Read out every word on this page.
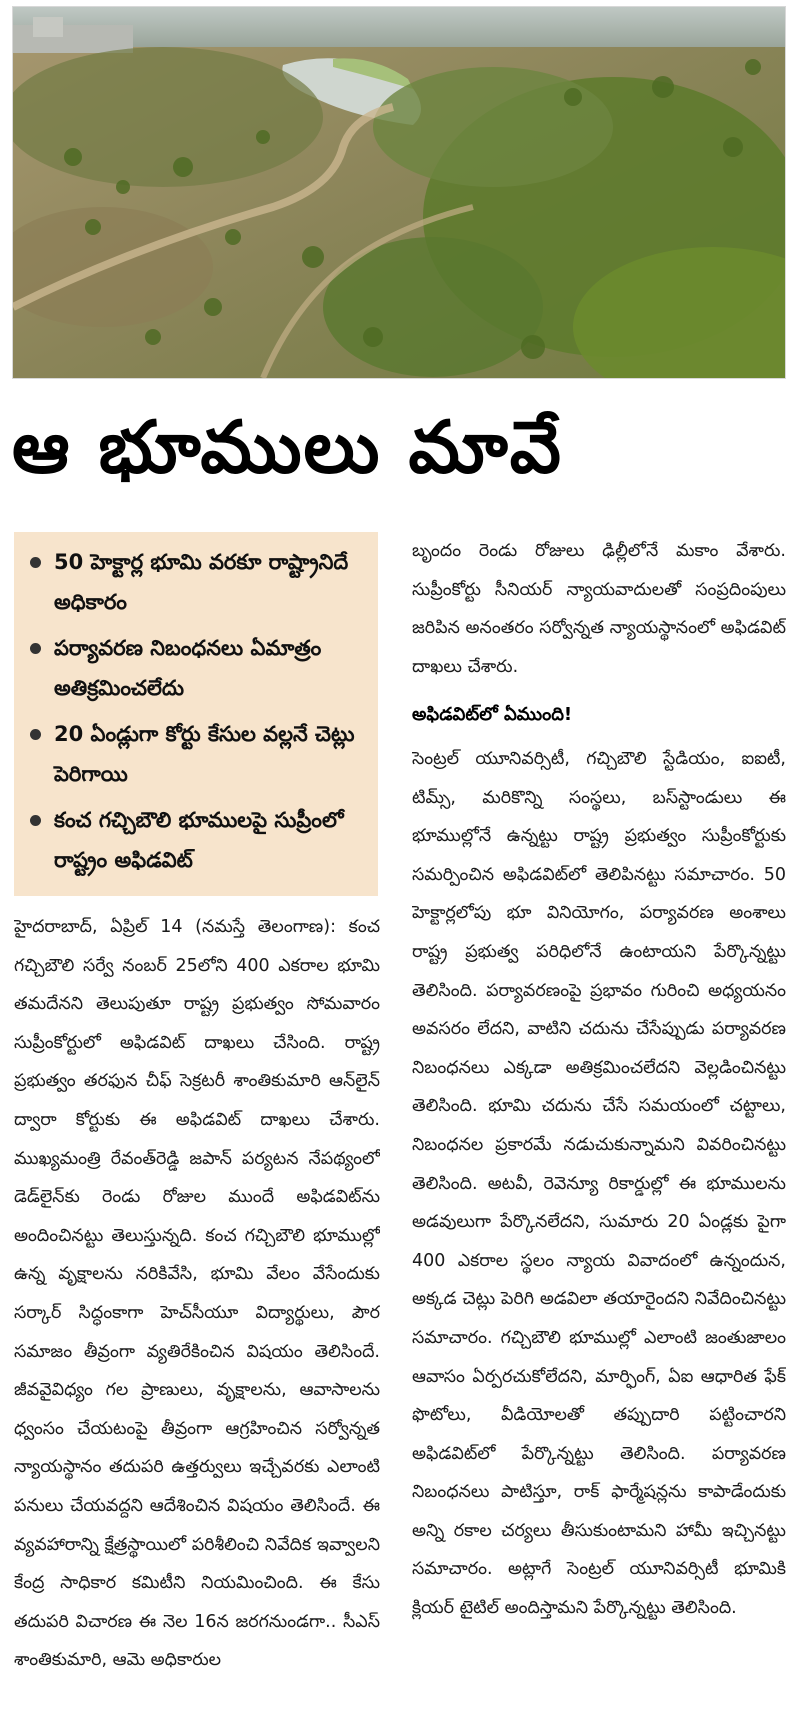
ఆ భూములు మావే
50 హెక్టార్ల భూమి వరకూ రాష్ట్రానిదే అధికారం
పర్యావరణ నిబంధనలు ఏమాత్రం అతిక్రమించలేదు
20 ఏండ్లుగా కోర్టు కేసుల వల్లనే చెట్లు పెరిగాయి
కంచ గచ్చిబౌలి భూములపై సుప్రీంలో రాష్ట్రం అఫిడవిట్

హైదరాబాద్, ఏప్రిల్ 14 (నమస్తే తెలంగాణ): కంచ గచ్చిబౌలి సర్వే నంబర్ 25లోని 400 ఎకరాల భూమి తమదేనని తెలుపుతూ రాష్ట్ర ప్రభుత్వం సోమవారం సుప్రీంకోర్టులో అఫిడవిట్ దాఖలు చేసింది. రాష్ట్ర ప్రభుత్వం తరఫున చీఫ్ సెక్రటరీ శాంతికుమారి ఆన్‌లైన్ ద్వారా కోర్టుకు ఈ అఫిడవిట్ దాఖలు చేశారు. ముఖ్యమంత్రి రేవంత్‌రెడ్డి జపాన్ పర్యటన నేపథ్యంలో డెడ్‌లైన్‌కు రెండు రోజుల ముందే అఫిడవిట్‌ను అందించినట్టు తెలుస్తున్నది. కంచ గచ్చిబౌలి భూముల్లో ఉన్న వృక్షాలను నరికివేసి, భూమి వేలం వేసేందుకు సర్కార్ సిద్ధంకాగా హెచ్‌సీయూ విద్యార్థులు, పౌర సమాజం తీవ్రంగా వ్యతిరేకించిన విషయం తెలిసిందే. జీవవైవిధ్యం గల ప్రాణులు, వృక్షాలను, ఆవాసాలను ధ్వంసం చేయటంపై తీవ్రంగా ఆగ్రహించిన సర్వోన్నత న్యాయస్థానం తదుపరి ఉత్తర్వులు ఇచ్చేవరకు ఎలాంటి పనులు చేయవద్దని ఆదేశించిన విషయం తెలిసిందే. ఈ వ్యవహారాన్ని క్షేత్రస్థాయిలో పరిశీలించి నివేదిక ఇవ్వాలని కేంద్ర సాధికార కమిటీని నియమించింది. ఈ కేసు తదుపరి విచారణ ఈ నెల 16న జరగనుండగా.. సీఎస్ శాంతికుమారి, ఆమె అధికారుల

బృందం రెండు రోజులు ఢిల్లీలోనే మకాం వేశారు. సుప్రీంకోర్టు సీనియర్ న్యాయవాదులతో సంప్రదింపులు జరిపిన అనంతరం సర్వోన్నత న్యాయస్థానంలో అఫిడవిట్ దాఖలు చేశారు.

అఫిడవిట్‌లో ఏముంది!

సెంట్రల్ యూనివర్సిటీ, గచ్చిబౌలి స్టేడియం, ఐఐటీ, టిమ్స్, మరికొన్ని సంస్థలు, బస్‌స్టాండులు ఈ భూముల్లోనే ఉన్నట్టు రాష్ట్ర ప్రభుత్వం సుప్రీంకోర్టుకు సమర్పించిన అఫిడవిట్‌లో తెలిపినట్టు సమాచారం. 50 హెక్టార్లలోపు భూ వినియోగం, పర్యావరణ అంశాలు రాష్ట్ర ప్రభుత్వ పరిధిలోనే ఉంటాయని పేర్కొన్నట్టు తెలిసింది. పర్యావరణంపై ప్రభావం గురించి అధ్యయనం అవసరం లేదని, వాటిని చదును చేసేప్పుడు పర్యావరణ నిబంధనలు ఎక్కడా అతిక్రమించలేదని వెల్లడించినట్టు తెలిసింది. భూమి చదును చేసే సమయంలో చట్టాలు, నిబంధనల ప్రకారమే నడుచుకున్నామని వివరించినట్టు తెలిసింది. అటవీ, రెవెన్యూ రికార్డుల్లో ఈ భూములను అడవులుగా పేర్కొనలేదని, సుమారు 20 ఏండ్లకు పైగా 400 ఎకరాల స్థలం న్యాయ వివాదంలో ఉన్నందున, అక్కడ చెట్లు పెరిగి అడవిలా తయారైందని నివేదించినట్టు సమాచారం. గచ్చిబౌలి భూముల్లో ఎలాంటి జంతుజాలం ఆవాసం ఏర్పరచుకోలేదని, మార్ఫింగ్, ఏఐ ఆధారిత ఫేక్ ఫొటోలు, వీడియోలతో తప్పుదారి పట్టించారని అఫిడవిట్‌లో పేర్కొన్నట్టు తెలిసింది. పర్యావరణ నిబంధనలు పాటిస్తూ, రాక్ ఫార్మేషన్లను కాపాడేందుకు అన్ని రకాల చర్యలు తీసుకుంటామని హామీ ఇచ్చినట్టు సమాచారం. అట్లాగే సెంట్రల్ యూనివర్సిటీ భూమికి క్లియర్ టైటిల్ అందిస్తామని పేర్కొన్నట్టు తెలిసింది.
